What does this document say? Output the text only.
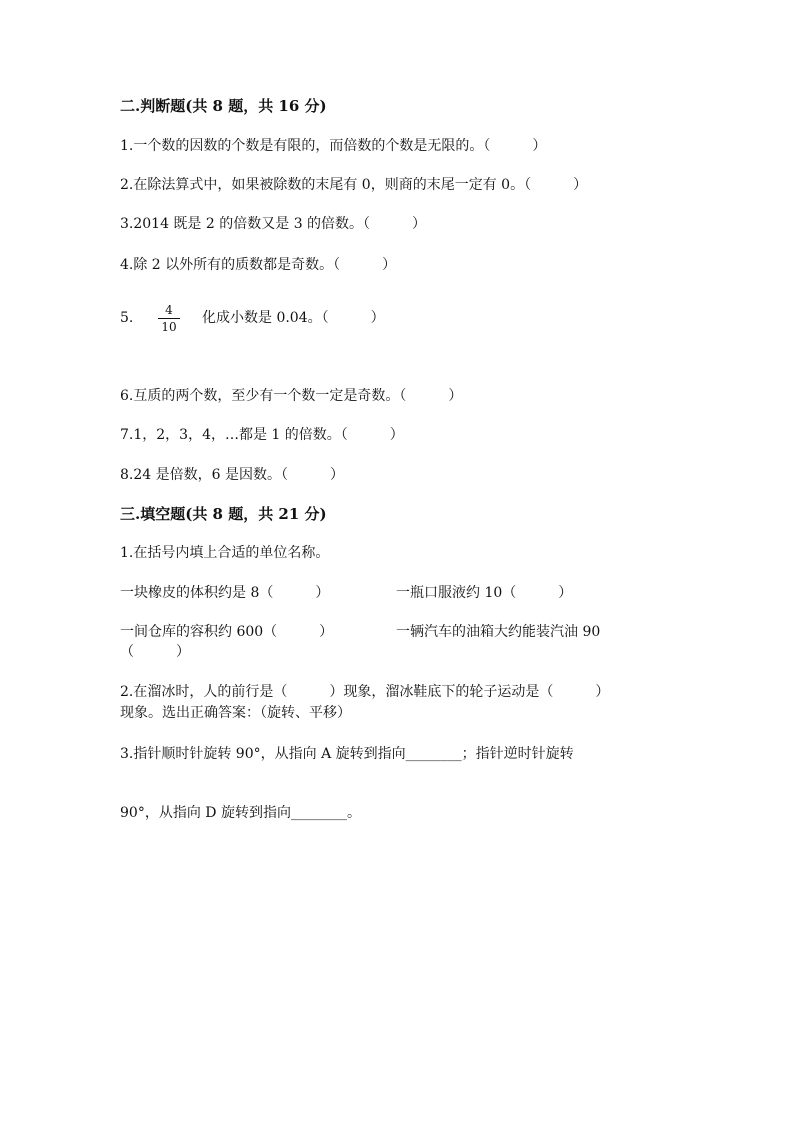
二.判断题(共 8 题，共 16 分)
1.一个数的因数的个数是有限的，而倍数的个数是无限的。（　　　）
2.在除法算式中，如果被除数的末尾有 0，则商的末尾一定有 0。（　　　）
3.2014 既是 2 的倍数又是 3 的倍数。（　　　）
4.除 2 以外所有的质数都是奇数。（　　　）
5. $\frac{4}{10}$ 化成小数是 0.04。（　　　）
6.互质的两个数，至少有一个数一定是奇数。（　　　）
7.1，2，3，4，…都是 1 的倍数。（　　　）
8.24 是倍数，6 是因数。（　　　）
三.填空题(共 8 题，共 21 分)
1.在括号内填上合适的单位名称。
一块橡皮的体积约是 8（　　　）	一瓶口服液约 10（　　　）
一间仓库的容积约 600（　　　）	一辆汽车的油箱大约能装汽油 90
（　　　）
2.在溜冰时，人的前行是（　　　）现象，溜冰鞋底下的轮子运动是（　　　）
现象。选出正确答案：（旋转、平移）
3.指针顺时针旋转 90°，从指向 A 旋转到指向________；指针逆时针旋转
90°，从指向 D 旋转到指向________。
